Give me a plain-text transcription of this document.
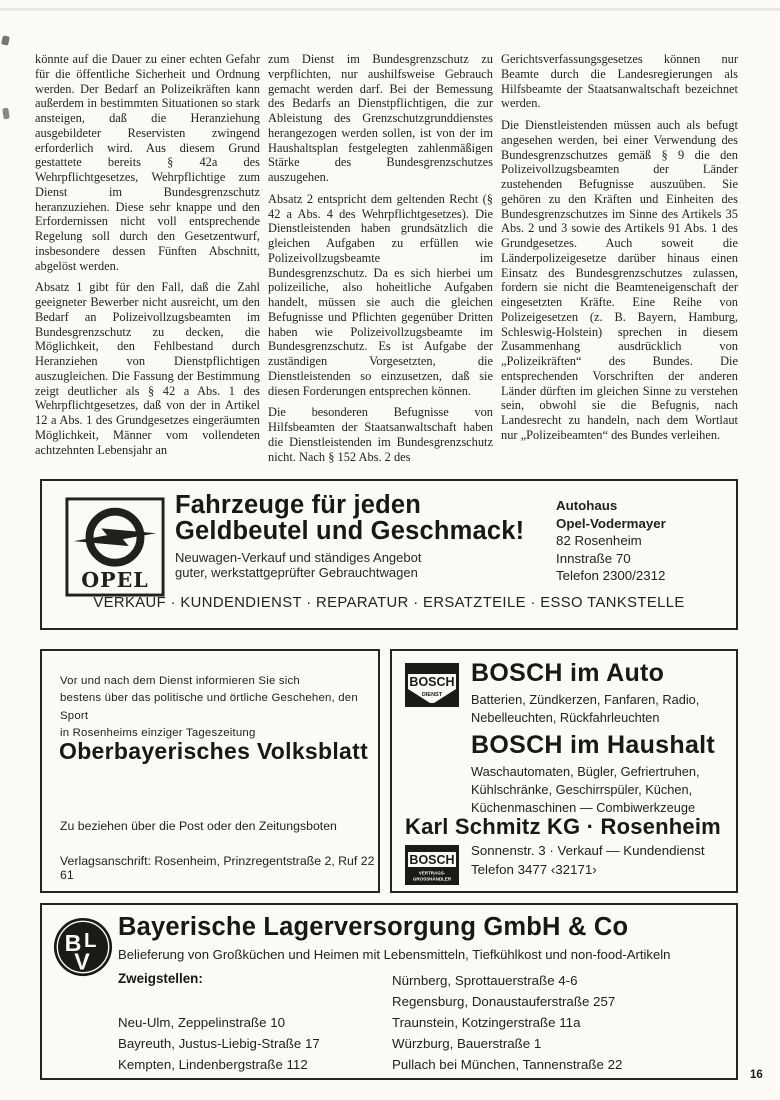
könnte auf die Dauer zu einer echten Gefahr für die öffentliche Sicherheit und Ordnung werden. Der Bedarf an Polizeikräften kann außerdem in bestimmten Situationen so stark ansteigen, daß die Heranziehung ausgebildeter Reservisten zwingend erforderlich wird. Aus diesem Grund gestattete bereits § 42a des Wehrpflichtgesetzes, Wehrpflichtige zum Dienst im Bundesgrenzschutz heranzuziehen. Diese sehr knappe und den Erfordernissen nicht voll entsprechende Regelung soll durch den Gesetzentwurf, insbesondere dessen Fünften Abschnitt, abgelöst werden.

Absatz 1 gibt für den Fall, daß die Zahl geeigneter Bewerber nicht ausreicht, um den Bedarf an Polizeivollzugsbeamten im Bundesgrenzschutz zu decken, die Möglichkeit, den Fehlbestand durch Heranziehen von Dienstpflichtigen auszugleichen. Die Fassung der Bestimmung zeigt deutlicher als § 42 a Abs. 1 des Wehrpflichtgesetzes, daß von der in Artikel 12 a Abs. 1 des Grundgesetzes eingeräumten Möglichkeit, Männer vom vollendeten achtzehnten Lebensjahr an

zum Dienst im Bundesgrenzschutz zu verpflichten, nur aushilfsweise Gebrauch gemacht werden darf. Bei der Bemessung des Bedarfs an Dienstpflichtigen, die zur Ableistung des Grenzschutzgrunddienstes herangezogen werden sollen, ist von der im Haushaltsplan festgelegten zahlenmäßigen Stärke des Bundesgrenzschutzes auszugehen.

Absatz 2 entspricht dem geltenden Recht (§ 42 a Abs. 4 des Wehrpflichtgesetzes). Die Dienstleistenden haben grundsätzlich die gleichen Aufgaben zu erfüllen wie Polizeivollzugsbeamte im Bundesgrenzschutz. Da es sich hierbei um polizeiliche, also hoheitliche Aufgaben handelt, müssen sie auch die gleichen Befugnisse und Pflichten gegenüber Dritten haben wie Polizeivollzugsbeamte im Bundesgrenzschutz. Es ist Aufgabe der zuständigen Vorgesetzten, die Dienstleistenden so einzusetzen, daß sie diesen Forderungen entsprechen können.

Die besonderen Befugnisse von Hilfsbeamten der Staatsanwaltschaft haben die Dienstleistenden im Bundesgrenzschutz nicht. Nach § 152 Abs. 2 des

Gerichtsverfassungsgesetzes können nur Beamte durch die Landesregierungen als Hilfsbeamte der Staatsanwaltschaft bezeichnet werden.

Die Dienstleistenden müssen auch als befugt angesehen werden, bei einer Verwendung des Bundesgrenzschutzes gemäß § 9 die den Polizeivollzugsbeamten der Länder zustehenden Befugnisse auszuüben. Sie gehören zu den Kräften und Einheiten des Bundesgrenzschutzes im Sinne des Artikels 35 Abs. 2 und 3 sowie des Artikels 91 Abs. 1 des Grundgesetzes. Auch soweit die Länderpolizeigesetze darüber hinaus einen Einsatz des Bundesgrenzschutzes zulassen, fordern sie nicht die Beamteneigenschaft der eingesetzten Kräfte. Eine Reihe von Polizeigesetzen (z. B. Bayern, Hamburg, Schleswig-Holstein) sprechen in diesem Zusammenhang ausdrücklich von „Polizeikräften“ des Bundes. Die entsprechenden Vorschriften der anderen Länder dürften im gleichen Sinne zu verstehen sein, obwohl sie die Befugnis, nach Landesrecht zu handeln, nach dem Wortlaut nur „Polizeibeamten“ des Bundes verleihen.

OPEL
Fahrzeuge für jeden
Geldbeutel und Geschmack!
Neuwagen-Verkauf und ständiges Angebot
guter, werkstattgeprüfter Gebrauchtwagen
Autohaus
Opel-Vodermayer
82 Rosenheim
Innstraße 70
Telefon 2300/2312
VERKAUF · KUNDENDIENST · REPARATUR · ERSATZTEILE · ESSO TANKSTELLE
Vor und nach dem Dienst informieren Sie sich
bestens über das politische und örtliche Geschehen, den Sport
in Rosenheims einziger Tageszeitung
Oberbayerisches Volksblatt
Zu beziehen über die Post oder den Zeitungsboten
Verlagsanschrift: Rosenheim, Prinzregentstraße 2, Ruf 22 61
BOSCH
DIENST
BOSCH im Auto
Batterien, Zündkerzen, Fanfaren, Radio,
Nebelleuchten, Rückfahrleuchten
BOSCH im Haushalt
Waschautomaten, Bügler, Gefriertruhen,
Kühlschränke, Geschirrspüler, Küchen,
Küchenmaschinen — Combiwerkzeuge
Karl Schmitz KG · Rosenheim
BOSCH
VERTRAGS-
GROSSHÄNDLER
Sonnenstr. 3 · Verkauf — Kundendienst
Telefon 3477 ‹32171›
B L
V
Bayerische Lagerversorgung GmbH & Co
Belieferung von Großküchen und Heimen mit Lebensmitteln, Tiefkühlkost und non-food-Artikeln
Zweigstellen:
Neu-Ulm, Zeppelinstraße 10
Bayreuth, Justus-Liebig-Straße 17
Kempten, Lindenbergstraße 112
Nürnberg, Sprottauerstraße 4-6
Regensburg, Donaustauferstraße 257
Traunstein, Kotzingerstraße 11a
Würzburg, Bauerstraße 1
Pullach bei München, Tannenstraße 22
16
